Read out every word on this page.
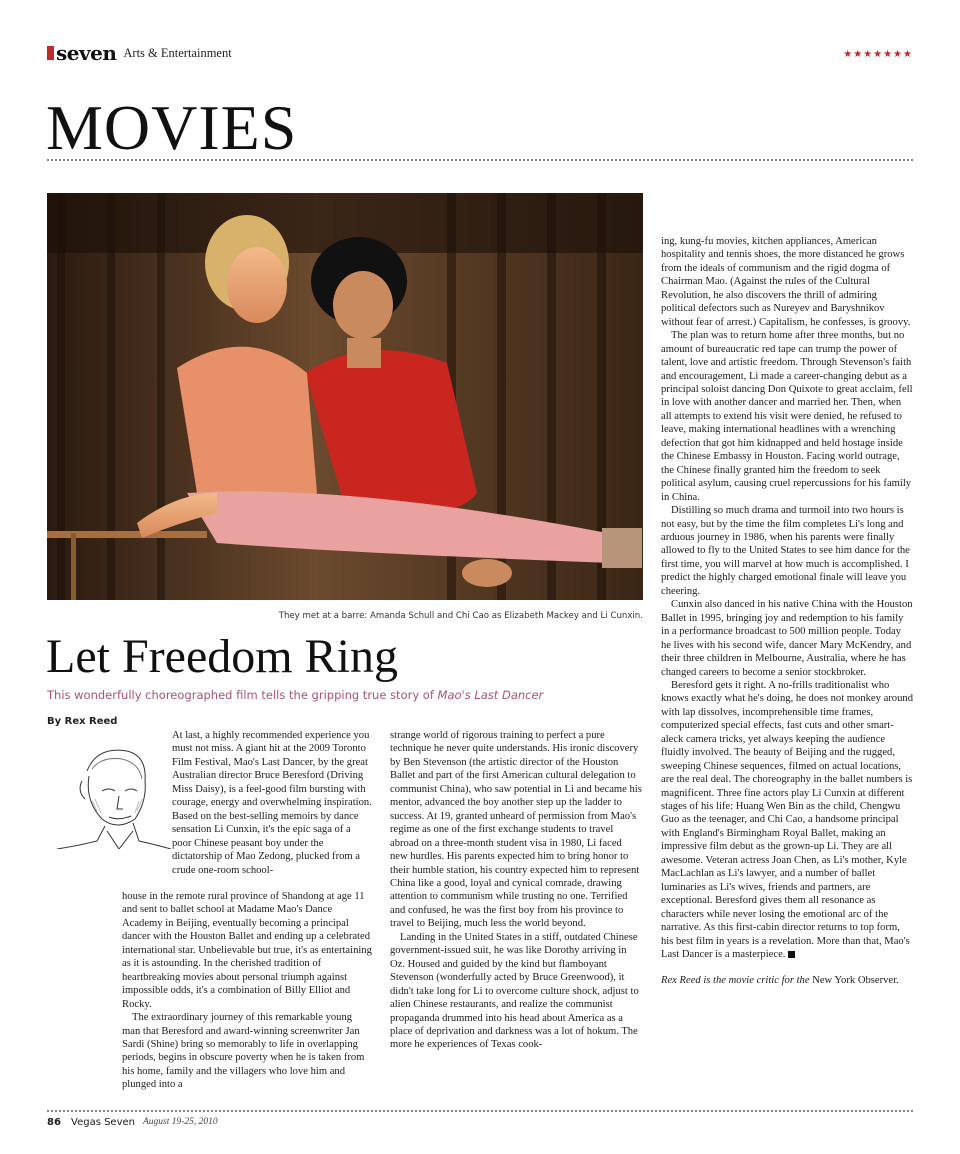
seven Arts & Entertainment	★★★★★★★
MOVIES
They met at a barre: Amanda Schull and Chi Cao as Elizabeth Mackey and Li Cunxin.
Let Freedom Ring
This wonderfully choreographed film tells the gripping true story of Mao's Last Dancer
By Rex Reed

At last, a highly recommended experience you must not miss. A giant hit at the 2009 Toronto Film Festival, Mao's Last Dancer, by the great Australian director Bruce Beresford (Driving Miss Daisy), is a feel-good film bursting with courage, energy and overwhelming inspiration. Based on the best-selling memoirs by dance sensation Li Cunxin, it's the epic saga of a poor Chinese peasant boy under the dictatorship of Mao Zedong, plucked from a crude one-room school-

house in the remote rural province of Shandong at age 11 and sent to ballet school at Madame Mao's Dance Academy in Beijing, eventually becoming a principal dancer with the Houston Ballet and ending up a celebrated international star. Unbelievable but true, it's as entertaining as it is astounding. In the cherished tradition of heartbreaking movies about personal triumph against impossible odds, it's a combination of Billy Elliot and Rocky.

The extraordinary journey of this remarkable young man that Beresford and award-winning screenwriter Jan Sardi (Shine) bring so memorably to life in overlapping periods, begins in obscure poverty when he is taken from his home, family and the villagers who love him and plunged into a

strange world of rigorous training to perfect a pure technique he never quite understands. His ironic discovery by Ben Stevenson (the artistic director of the Houston Ballet and part of the first American cultural delegation to communist China), who saw potential in Li and became his mentor, advanced the boy another step up the ladder to success. At 19, granted unheard of permission from Mao's regime as one of the first exchange students to travel abroad on a three-month student visa in 1980, Li faced new hurdles. His parents expected him to bring honor to their humble station, his country expected him to represent China like a good, loyal and cynical comrade, drawing attention to communism while trusting no one. Terrified and confused, he was the first boy from his province to travel to Beijing, much less the world beyond.

Landing in the United States in a stiff, outdated Chinese government-issued suit, he was like Dorothy arriving in Oz. Housed and guided by the kind but flamboyant Stevenson (wonderfully acted by Bruce Greenwood), it didn't take long for Li to overcome culture shock, adjust to alien Chinese restaurants, and realize the communist propaganda drummed into his head about America as a place of deprivation and darkness was a lot of hokum. The more he experiences of Texas cook-

ing, kung-fu movies, kitchen appliances, American hospitality and tennis shoes, the more distanced he grows from the ideals of communism and the rigid dogma of Chairman Mao. (Against the rules of the Cultural Revolution, he also discovers the thrill of admiring political defectors such as Nureyev and Baryshnikov without fear of arrest.) Capitalism, he confesses, is groovy.

The plan was to return home after three months, but no amount of bureaucratic red tape can trump the power of talent, love and artistic freedom. Through Stevenson's faith and encouragement, Li made a career-changing debut as a principal soloist dancing Don Quixote to great acclaim, fell in love with another dancer and married her. Then, when all attempts to extend his visit were denied, he refused to leave, making international headlines with a wrenching defection that got him kidnapped and held hostage inside the Chinese Embassy in Houston. Facing world outrage, the Chinese finally granted him the freedom to seek political asylum, causing cruel repercussions for his family in China.

Distilling so much drama and turmoil into two hours is not easy, but by the time the film completes Li's long and arduous journey in 1986, when his parents were finally allowed to fly to the United States to see him dance for the first time, you will marvel at how much is accomplished. I predict the highly charged emotional finale will leave you cheering.

Cunxin also danced in his native China with the Houston Ballet in 1995, bringing joy and redemption to his family in a performance broadcast to 500 million people. Today he lives with his second wife, dancer Mary McKendry, and their three children in Melbourne, Australia, where he has changed careers to become a senior stockbroker.

Beresford gets it right. A no-frills traditionalist who knows exactly what he's doing, he does not monkey around with lap dissolves, incomprehensible time frames, computerized special effects, fast cuts and other smart-aleck camera tricks, yet always keeping the audience fluidly involved. The beauty of Beijing and the rugged, sweeping Chinese sequences, filmed on actual locations, are the real deal. The choreography in the ballet numbers is magnificent. Three fine actors play Li Cunxin at different stages of his life: Huang Wen Bin as the child, Chengwu Guo as the teenager, and Chi Cao, a handsome principal with England's Birmingham Royal Ballet, making an impressive film debut as the grown-up Li. They are all awesome. Veteran actress Joan Chen, as Li's mother, Kyle MacLachlan as Li's lawyer, and a number of ballet luminaries as Li's wives, friends and partners, are exceptional. Beresford gives them all resonance as characters while never losing the emotional arc of the narrative. As this first-cabin director returns to top form, his best film in years is a revelation. More than that, Mao's Last Dancer is a masterpiece.

Rex Reed is the movie critic for the New York Observer.

86 Vegas Seven August 19-25, 2010
